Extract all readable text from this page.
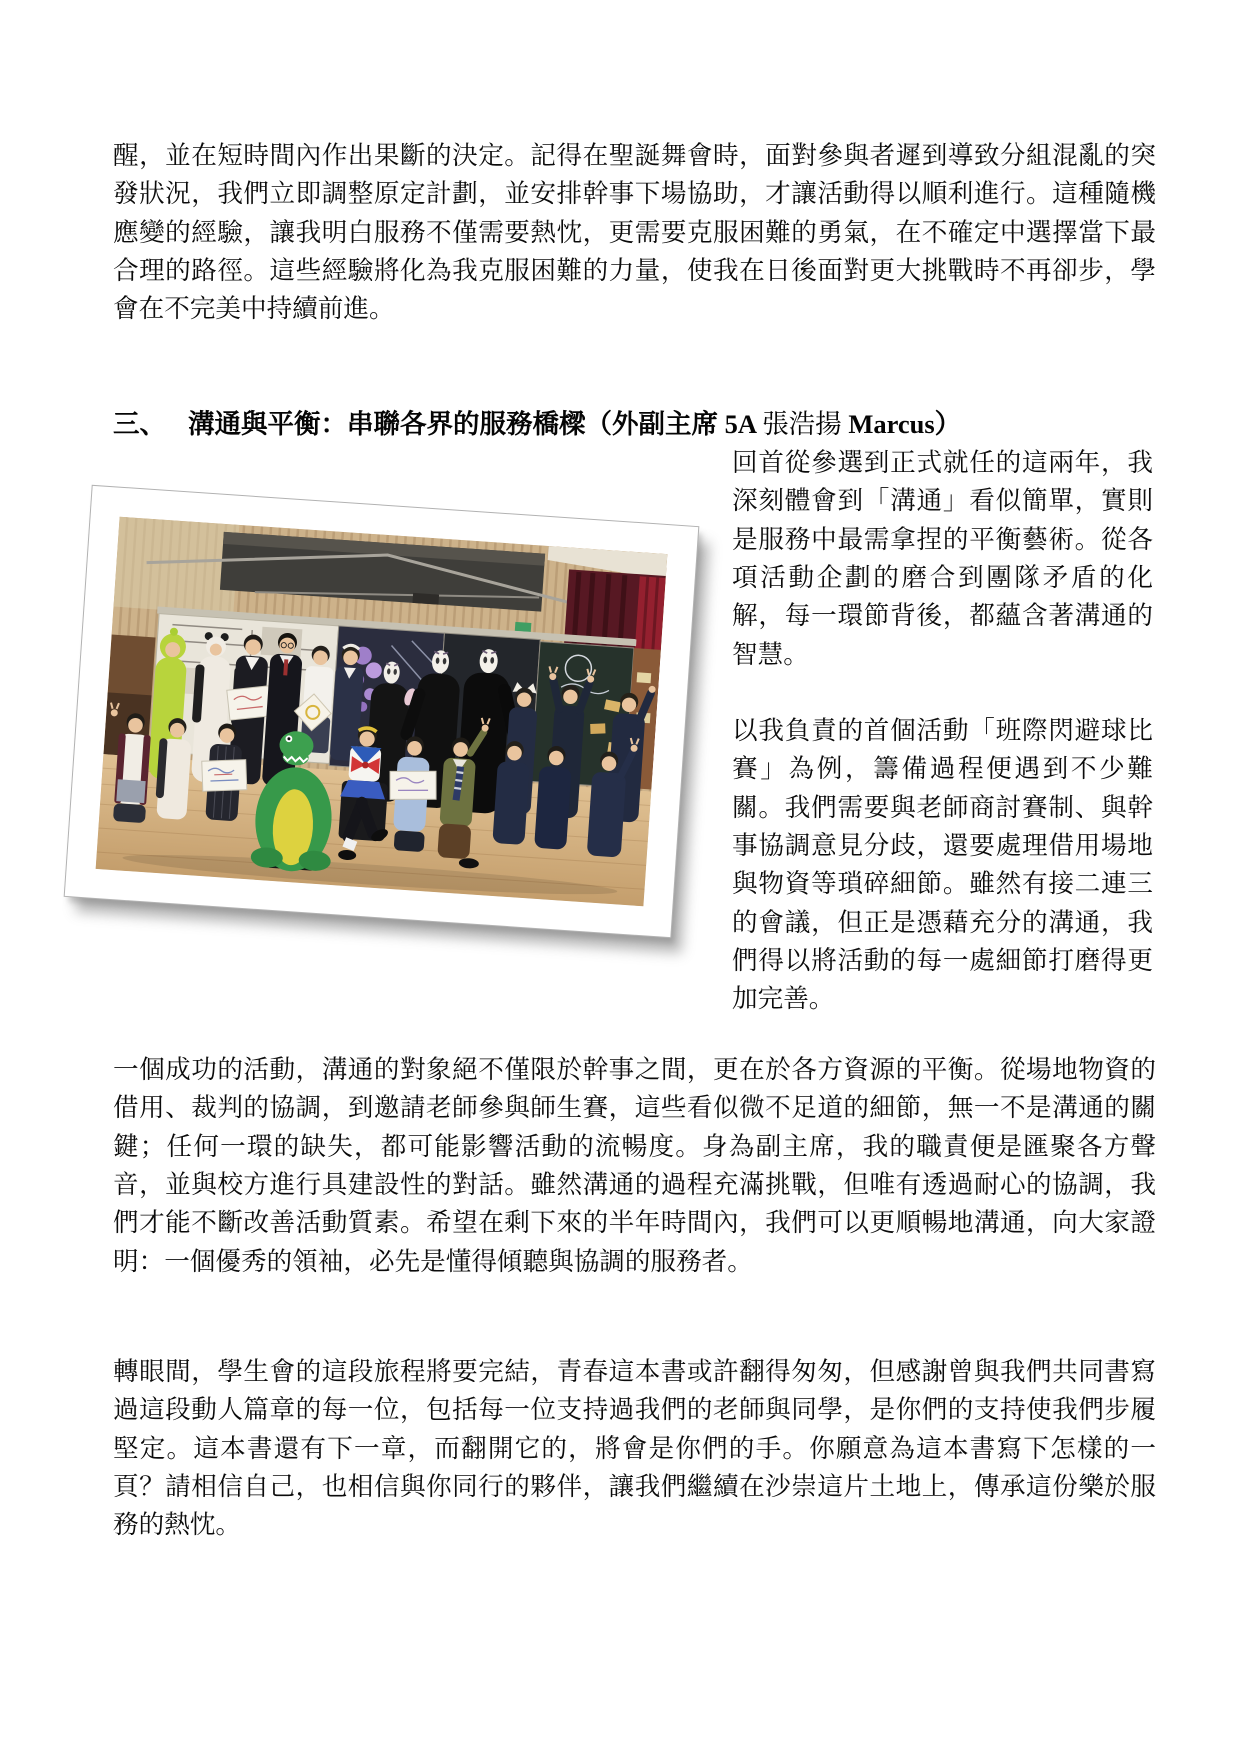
醒，並在短時間內作出果斷的決定。記得在聖誕舞會時，面對參與者遲到導致分組混亂的突發狀況，我們立即調整原定計劃，並安排幹事下場協助，才讓活動得以順利進行。這種隨機應變的經驗，讓我明白服務不僅需要熱忱，更需要克服困難的勇氣，在不確定中選擇當下最合理的路徑。這些經驗將化為我克服困難的力量，使我在日後面對更大挑戰時不再卻步，學會在不完美中持續前進。
三、 溝通與平衡：串聯各界的服務橋樑（外副主席 5A 張浩揚 Marcus）

回首從參選到正式就任的這兩年，我深刻體會到「溝通」看似簡單，實則是服務中最需拿捏的平衡藝術。從各項活動企劃的磨合到團隊矛盾的化解，每一環節背後，都蘊含著溝通的智慧。

以我負責的首個活動「班際閃避球比賽」為例，籌備過程便遇到不少難關。我們需要與老師商討賽制、與幹事協調意見分歧，還要處理借用場地與物資等瑣碎細節。雖然有接二連三的會議，但正是憑藉充分的溝通，我們得以將活動的每一處細節打磨得更加完善。

一個成功的活動，溝通的對象絕不僅限於幹事之間，更在於各方資源的平衡。從場地物資的借用、裁判的協調，到邀請老師參與師生賽，這些看似微不足道的細節，無一不是溝通的關鍵；任何一環的缺失，都可能影響活動的流暢度。身為副主席，我的職責便是匯聚各方聲音，並與校方進行具建設性的對話。雖然溝通的過程充滿挑戰，但唯有透過耐心的協調，我們才能不斷改善活動質素。希望在剩下來的半年時間內，我們可以更順暢地溝通，向大家證明：一個優秀的領袖，必先是懂得傾聽與協調的服務者。
轉眼間，學生會的這段旅程將要完結，青春這本書或許翻得匆匆，但感謝曾與我們共同書寫過這段動人篇章的每一位，包括每一位支持過我們的老師與同學，是你們的支持使我們步履堅定。這本書還有下一章，而翻開它的，將會是你們的手。你願意為這本書寫下怎樣的一頁？請相信自己，也相信與你同行的夥伴，讓我們繼續在沙崇這片土地上，傳承這份樂於服務的熱忱。
